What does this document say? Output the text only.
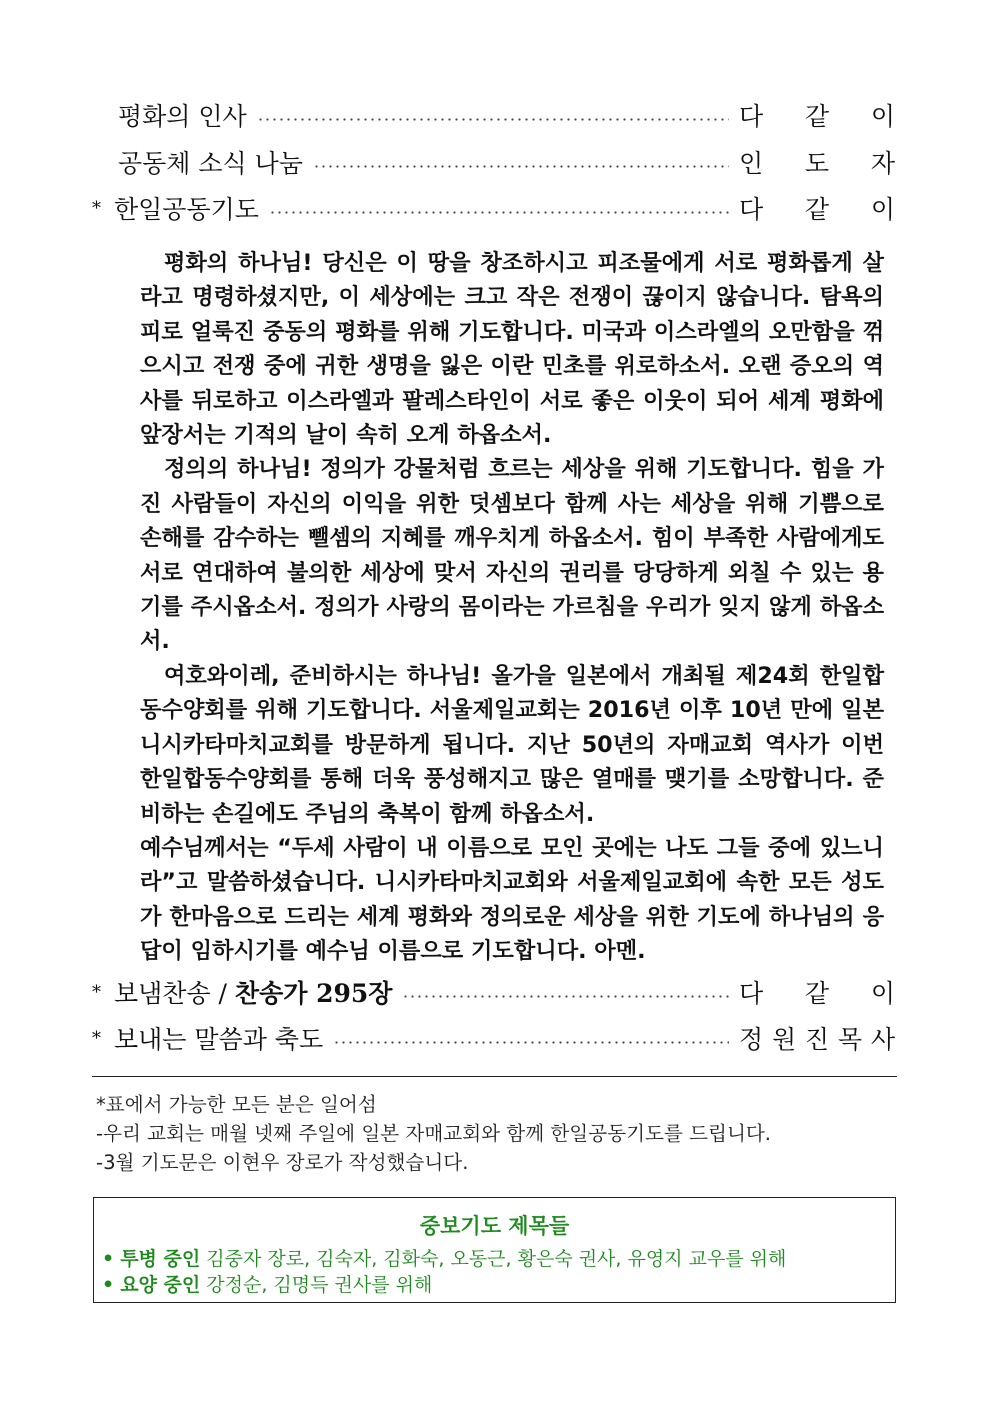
평화의 인사	다 같 이
공동체 소식 나눔	인 도 자
* 한일공동기도	다 같 이

평화의 하나님! 당신은 이 땅을 창조하시고 피조물에게 서로 평화롭게 살라고 명령하셨지만, 이 세상에는 크고 작은 전쟁이 끊이지 않습니다. 탐욕의 피로 얼룩진 중동의 평화를 위해 기도합니다. 미국과 이스라엘의 오만함을 꺾으시고 전쟁 중에 귀한 생명을 잃은 이란 민초를 위로하소서. 오랜 증오의 역사를 뒤로하고 이스라엘과 팔레스타인이 서로 좋은 이웃이 되어 세계 평화에 앞장서는 기적의 날이 속히 오게 하옵소서.

정의의 하나님! 정의가 강물처럼 흐르는 세상을 위해 기도합니다. 힘을 가진 사람들이 자신의 이익을 위한 덧셈보다 함께 사는 세상을 위해 기쁨으로 손해를 감수하는 뺄셈의 지혜를 깨우치게 하옵소서. 힘이 부족한 사람에게도 서로 연대하여 불의한 세상에 맞서 자신의 권리를 당당하게 외칠 수 있는 용기를 주시옵소서. 정의가 사랑의 몸이라는 가르침을 우리가 잊지 않게 하옵소서.

여호와이레, 준비하시는 하나님! 올가을 일본에서 개최될 제24회 한일합동수양회를 위해 기도합니다. 서울제일교회는 2016년 이후 10년 만에 일본 니시카타마치교회를 방문하게 됩니다. 지난 50년의 자매교회 역사가 이번 한일합동수양회를 통해 더욱 풍성해지고 많은 열매를 맺기를 소망합니다. 준비하는 손길에도 주님의 축복이 함께 하옵소서.

예수님께서는 “두세 사람이 내 이름으로 모인 곳에는 나도 그들 중에 있느니라”고 말씀하셨습니다. 니시카타마치교회와 서울제일교회에 속한 모든 성도가 한마음으로 드리는 세계 평화와 정의로운 세상을 위한 기도에 하나님의 응답이 임하시기를 예수님 이름으로 기도합니다. 아멘.

* 보냄찬송 / 찬송가 295장	다 같 이
* 보내는 말씀과 축도	정 원 진 목 사
*표에서 가능한 모든 분은 일어섬
-우리 교회는 매월 넷째 주일에 일본 자매교회와 함께 한일공동기도를 드립니다.
-3월 기도문은 이현우 장로가 작성했습니다.
중보기도 제목들
• 투병 중인 김중자 장로, 김숙자, 김화숙, 오동근, 황은숙 권사, 유영지 교우를 위해
• 요양 중인 강정순, 김명득 권사를 위해
